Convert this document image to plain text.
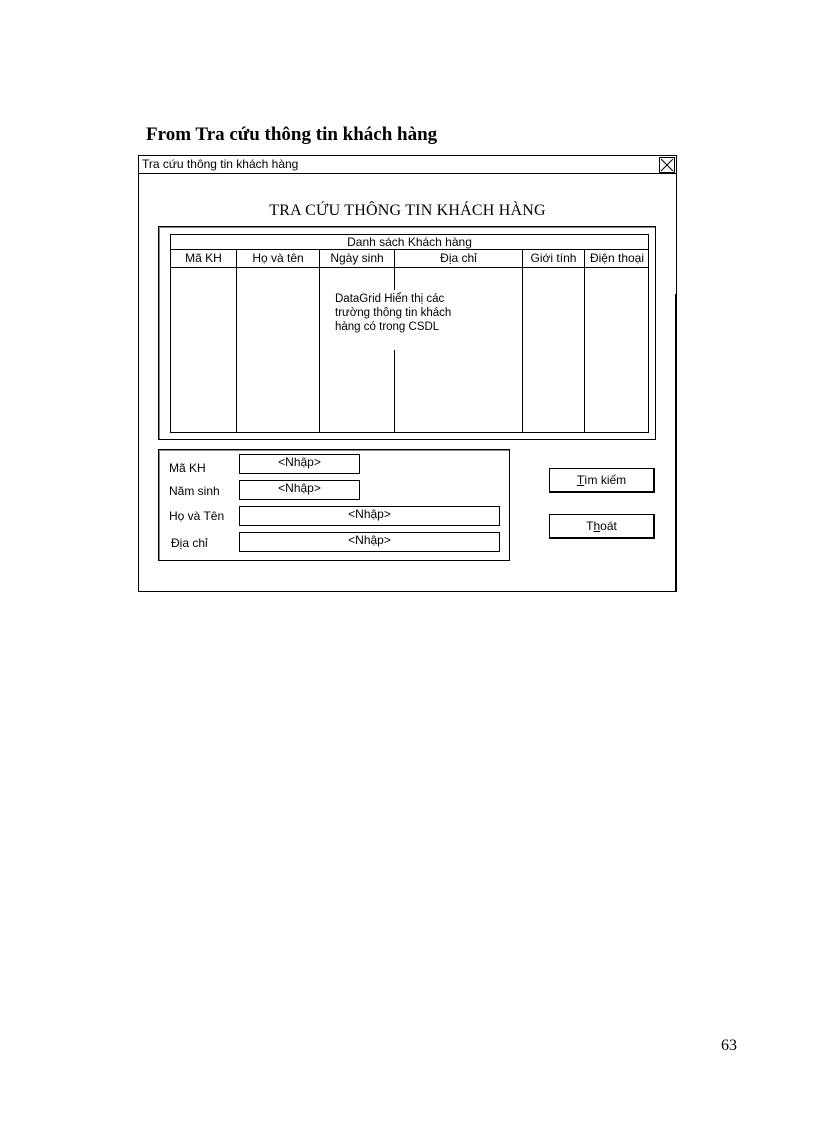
From Tra cứu thông tin khách hàng
Tra cứu thông tin khách hàng
TRA CỨU THÔNG TIN KHÁCH HÀNG
Danh sách Khách hàng
Mã KH	Họ và tên	Ngày sinh	Địa chỉ	Giới tính	Điện thoại
DataGrid Hiển thị các
trường thông tin khách
hàng có trong CSDL
Mã KH	<Nhập>
Năm sinh	<Nhập>
Họ và Tên	<Nhập>
Địa chỉ	<Nhập>
Tìm kiếm
Thoát
63
